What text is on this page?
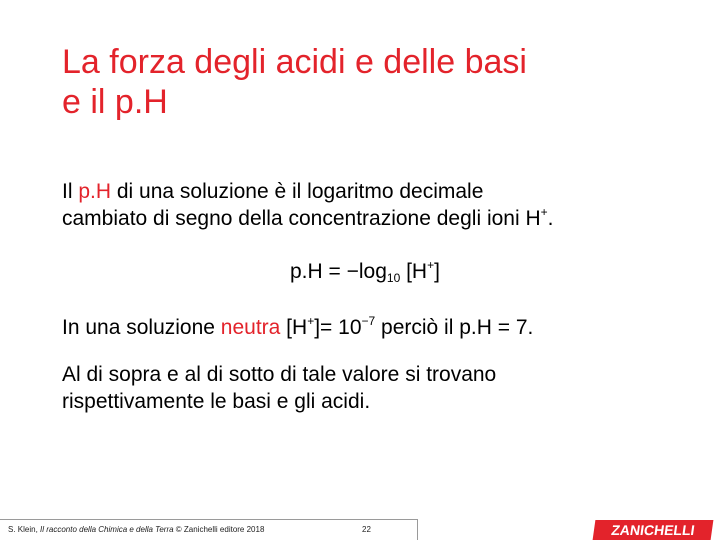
La forza degli acidi e delle basi
e il p.H
Il p.H di una soluzione è il logaritmo decimale
cambiato di segno della concentrazione degli ioni H+.
$p.H = -\log_{10}$ [H+]
In una soluzione neutra $[H^+]= 10^{-7}$ perciò il p.H = 7.
Al di sopra e al di sotto di tale valore si trovano
rispettivamente le basi e gli acidi.
S. Klein, Il racconto della Chimica e della Terra © Zanichelli editore 2018	22	ZANICHELLI
